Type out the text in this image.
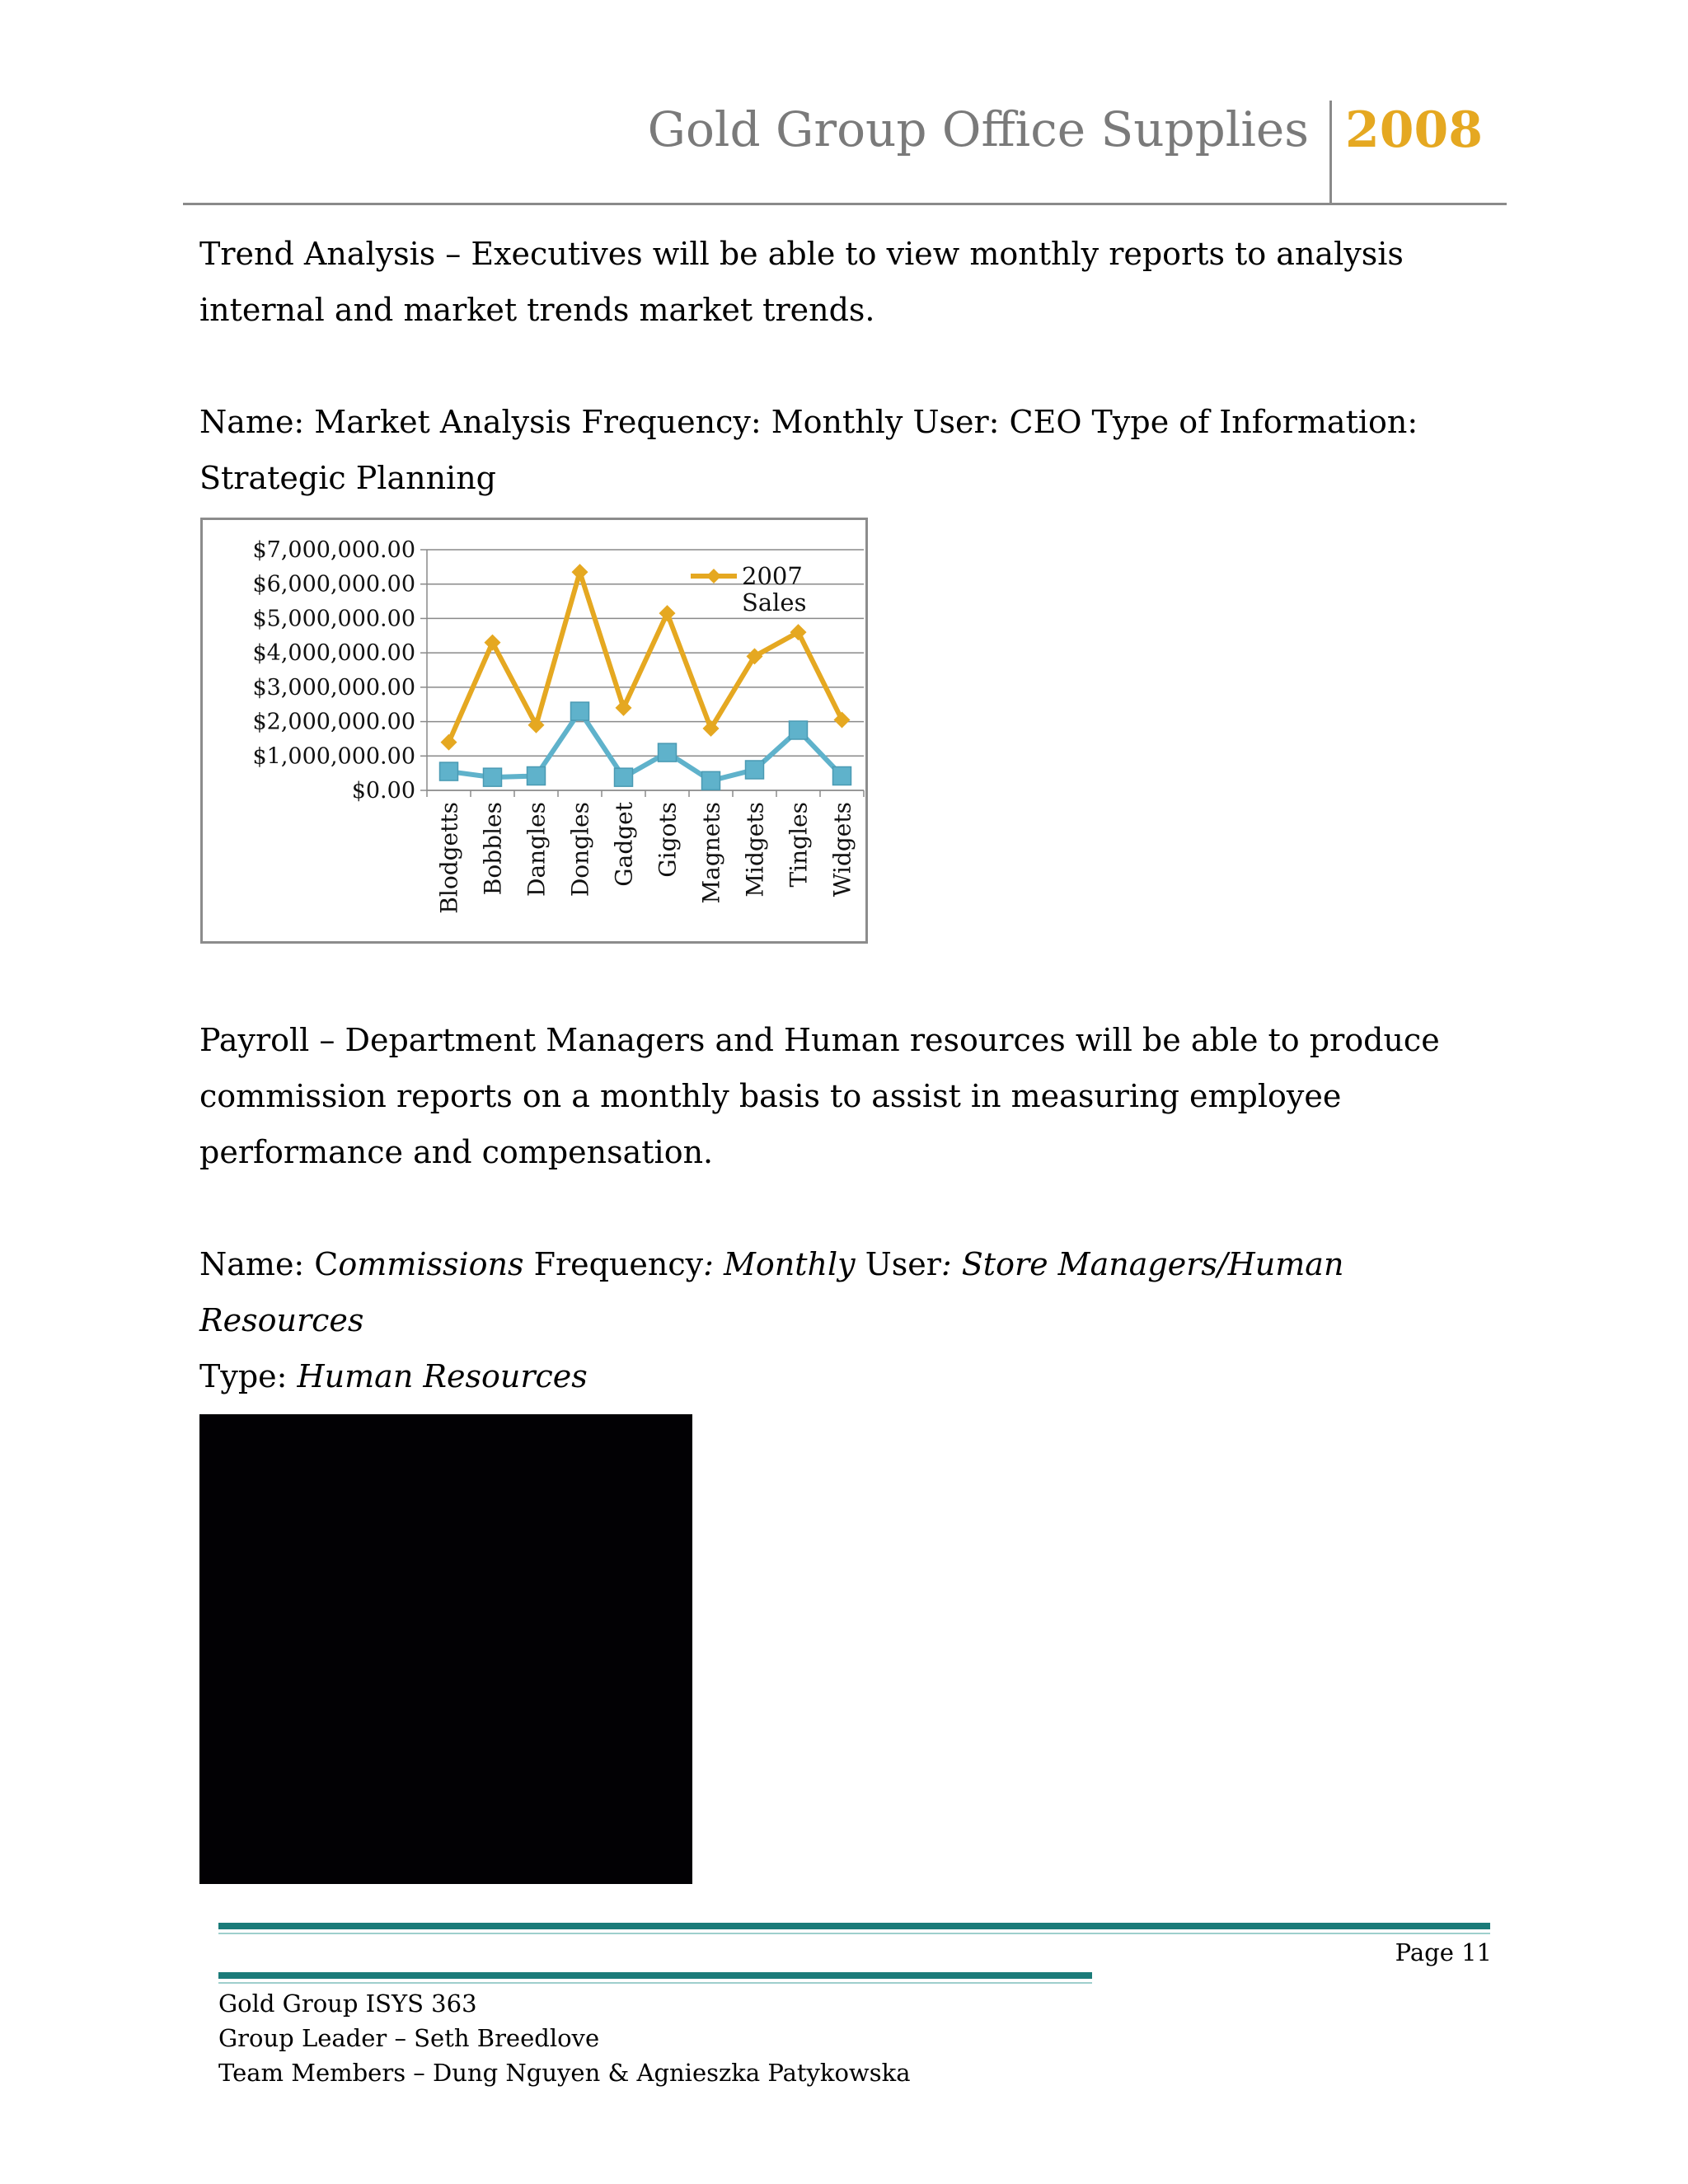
Gold Group Office Supplies 2008
Trend Analysis – Executives will be able to view monthly reports to analysis internal and market trends market trends.
Name: Market Analysis Frequency: Monthly User: CEO Type of Information: Strategic Planning
$7,000,000.00
$6,000,000.00
$5,000,000.00
$4,000,000.00
$3,000,000.00
$2,000,000.00
$1,000,000.00
$0.00
Blodgetts Bobbles Dangles Dongles Gadget Gigots Magnets Midgets Tingles Widgets
2007
Sales
Payroll – Department Managers and Human resources will be able to produce commission reports on a monthly basis to assist in measuring employee performance and compensation.
Name: Commissions Frequency: Monthly User: Store Managers/Human Resources
Type: Human Resources
Page 11
Gold Group ISYS 363
Group Leader – Seth Breedlove
Team Members – Dung Nguyen & Agnieszka Patykowska
